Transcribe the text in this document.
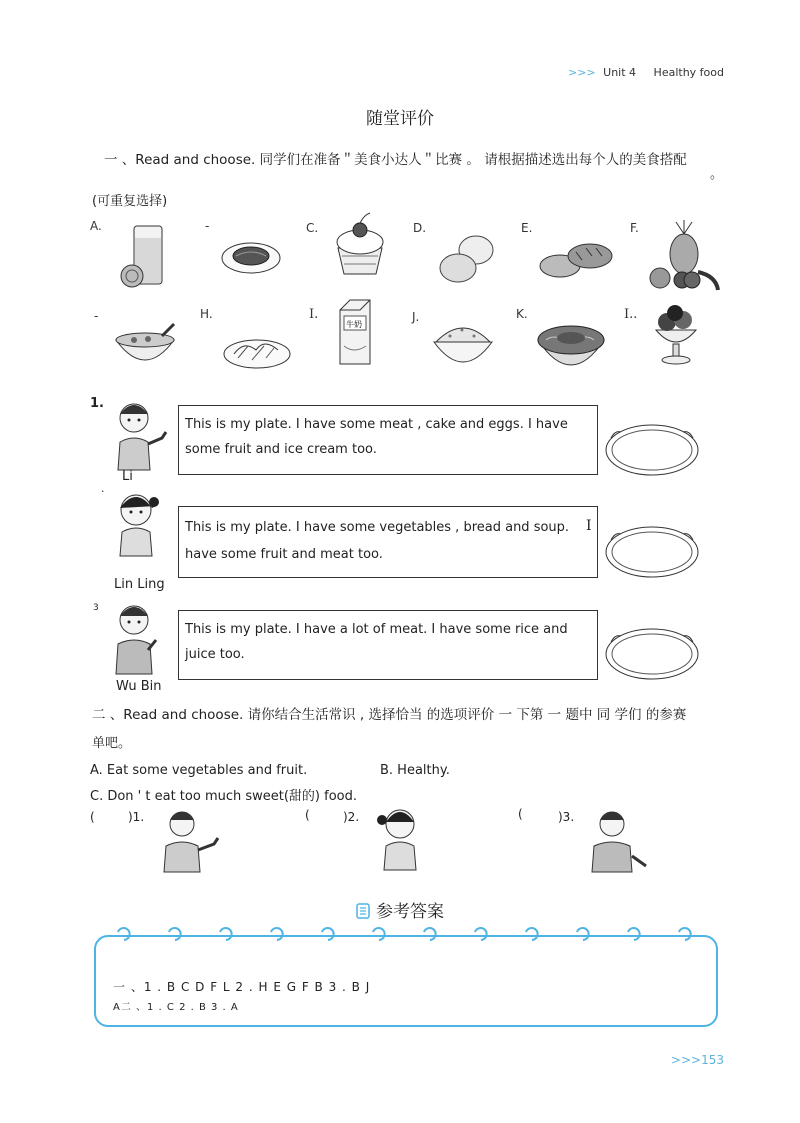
>>> Unit 4 Healthy food
随堂评价
一 、Read and choose. 同学们在准备＂美食小达人＂比赛 。 请根据描述选出每个人的美食搭配
。
(可重复选择)
A.	-	C.	D.	E.	F.
-	H.	I.
牛奶
J.	K.	I..
1.
Li
This is my plate. I have some meat , cake and eggs. I have
some fruit and ice cream too.
.
Lin Ling
This is my plate. I have some vegetables , bread and soup.
have some fruit and meat too.
I
3
Wu Bin
This is my plate. I have a lot of meat. I have some rice and
juice too.
二 、Read and choose. 请你结合生活常识 , 选择恰当 的选项评价 一 下第 一 题中 同 学们 的参赛
单吧。
A. Eat some vegetables and fruit.	B. Healthy.
C. Don ' t eat too much sweet(甜的) food.
(	)1.	(	)2.	(	)3.
参考答案
一 、1 . B C D F L 2 . H E G F B 3 . B J
A二 、1 . C 2 . B 3 . A
>>>153
